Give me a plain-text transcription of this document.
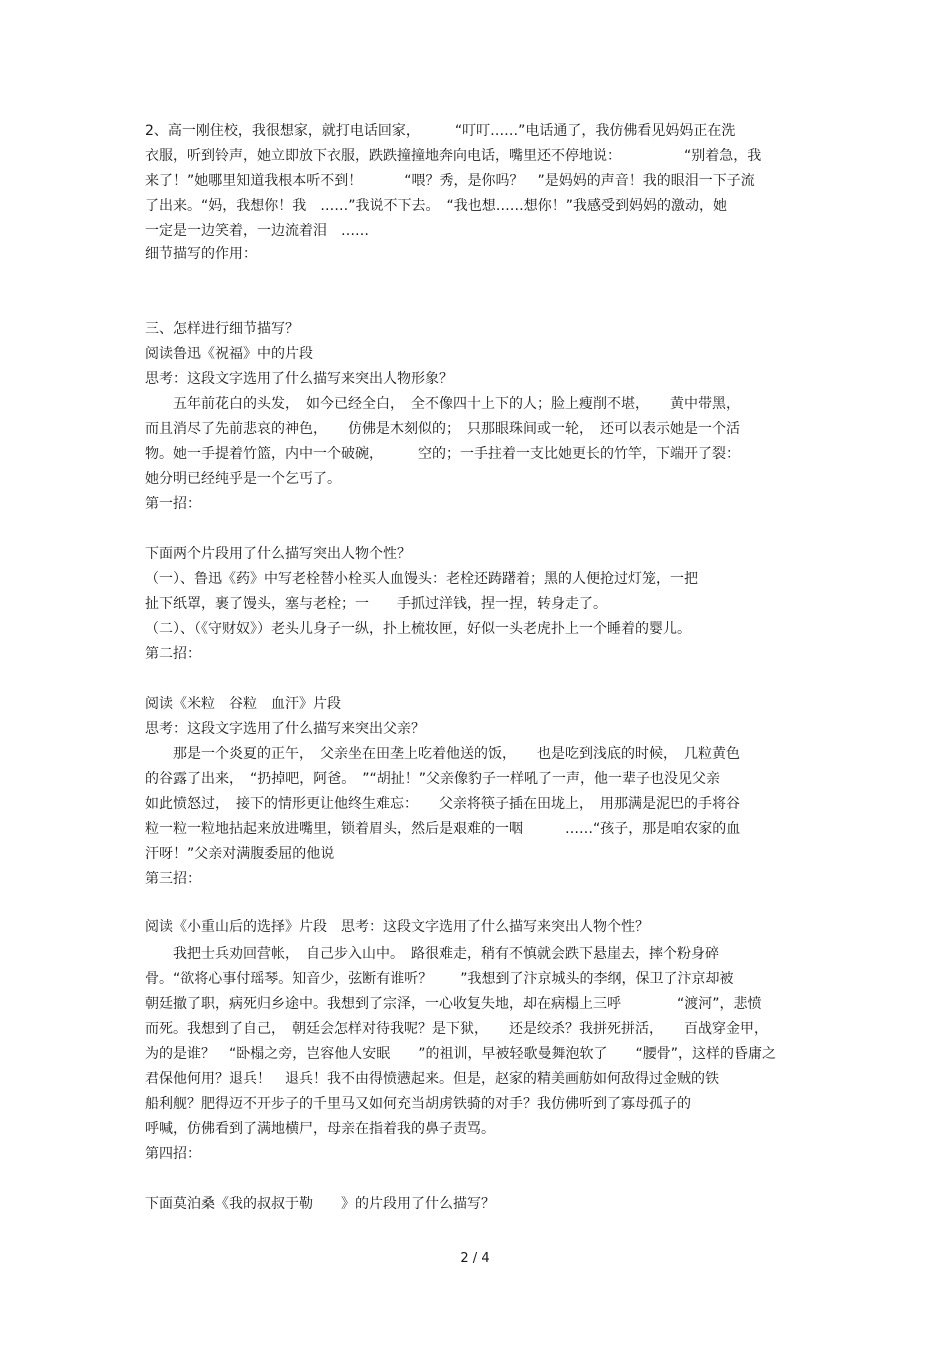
2、高一刚住校，我很想家，就打电话回家，　　　“叮叮……”电话通了，我仿佛看见妈妈正在洗

衣服，听到铃声，她立即放下衣服，跌跌撞撞地奔向电话，嘴里还不停地说：　　　　　“别着急，我

来了！”她哪里知道我根本听不到！　　　“喂？秀，是你吗？　”是妈妈的声音！我的眼泪一下子流

了出来。“妈，我想你！我　……”我说不下去。　“我也想……想你！”我感受到妈妈的激动，她

一定是一边笑着，一边流着泪　……

细节描写的作用：

三、怎样进行细节描写？

阅读鲁迅《祝福》中的片段

思考：这段文字选用了什么描写来突出人物形象？

　　五年前花白的头发，　如今已经全白，　全不像四十上下的人；脸上瘦削不堪，　　黄中带黑，

而且消尽了先前悲哀的神色，　　仿佛是木刻似的；　只那眼珠间或一轮，　还可以表示她是一个活

物。她一手提着竹篮，内中一个破碗，　　　空的；一手拄着一支比她更长的竹竿，下端开了裂：

她分明已经纯乎是一个乞丐了。

第一招：

下面两个片段用了什么描写突出人物个性？

（一）、鲁迅《药》中写老栓替小栓买人血馒头：老栓还踌躇着；黑的人便抢过灯笼，一把

扯下纸罩，裹了馒头，塞与老栓；一　　手抓过洋钱，捏一捏，转身走了。

（二）、（《守财奴》）老头儿身子一纵，扑上梳妆匣，好似一头老虎扑上一个睡着的婴儿。

第二招：

阅读《米粒　谷粒　血汗》片段

思考：这段文字选用了什么描写来突出父亲？

　　那是一个炎夏的正午，　父亲坐在田垄上吃着他送的饭，　　也是吃到浅底的时候，　几粒黄色

的谷露了出来，　“扔掉吧，阿爸。　”“胡扯！”父亲像豹子一样吼了一声，他一辈子也没见父亲

如此愤怒过，　接下的情形更让他终生难忘：　　父亲将筷子插在田垅上，　用那满是泥巴的手将谷

粒一粒一粒地拈起来放进嘴里，锁着眉头，然后是艰难的一咽　　　……“孩子，那是咱农家的血

汗呀！”父亲对满腹委屈的他说

第三招：

阅读《小重山后的选择》片段　思考：这段文字选用了什么描写来突出人物个性？

　　我把士兵劝回营帐，　自己步入山中。　路很难走，稍有不慎就会跌下悬崖去，摔个粉身碎

骨。“欲将心事付瑶琴。知音少，弦断有谁听？　　”我想到了汴京城头的李纲，保卫了汴京却被

朝廷撤了职，病死归乡途中。我想到了宗泽，一心收复失地，却在病榻上三呼　　　　“渡河”，悲愤

而死。我想到了自己，　朝廷会怎样对待我呢？是下狱，　　还是绞杀？我拼死拼活，　　百战穿金甲，

为的是谁？　“卧榻之旁，岂容他人安眠　　”的祖训，早被轻歌曼舞泡软了　　“腰骨”，这样的昏庸之

君保他何用？退兵！　退兵！我不由得愤懑起来。但是，赵家的精美画舫如何敌得过金贼的铁

船利舰？肥得迈不开步子的千里马又如何充当胡虏铁骑的对手？我仿佛听到了寡母孤子的

呼喊，仿佛看到了满地横尸，母亲在指着我的鼻子责骂。

第四招：

下面莫泊桑《我的叔叔于勒　　》的片段用了什么描写？

2 / 4
